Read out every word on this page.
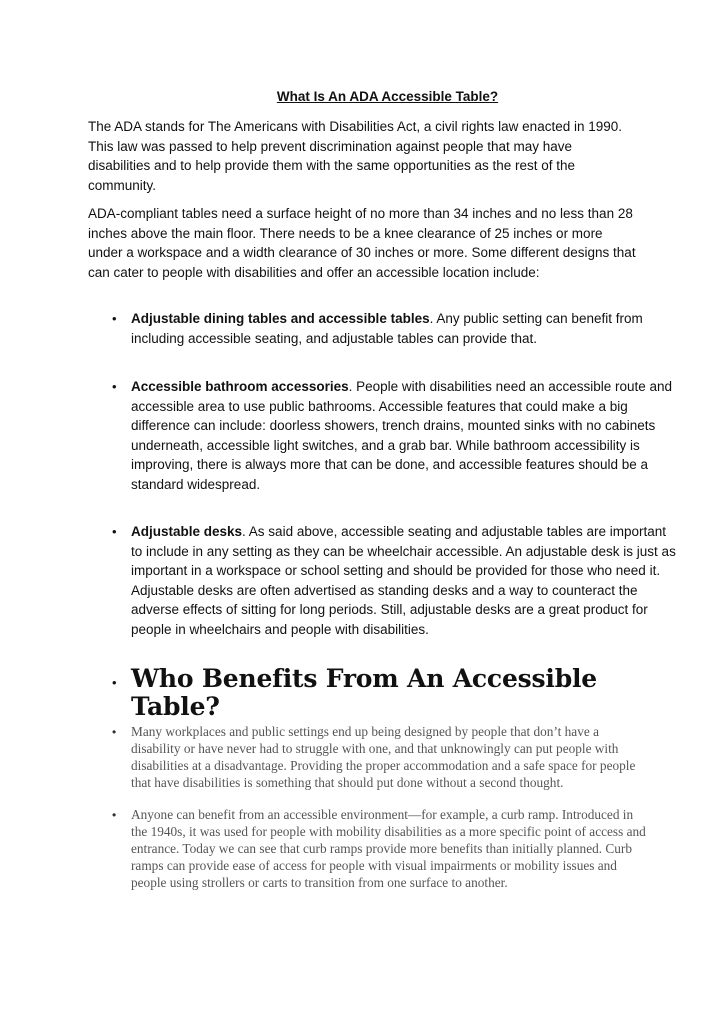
What Is An ADA Accessible Table?

The ADA stands for The Americans with Disabilities Act, a civil rights law enacted in 1990. This law was passed to help prevent discrimination against people that may have disabilities and to help provide them with the same opportunities as the rest of the community.

ADA-compliant tables need a surface height of no more than 34 inches and no less than 28 inches above the main floor. There needs to be a knee clearance of 25 inches or more under a workspace and a width clearance of 30 inches or more. Some different designs that can cater to people with disabilities and offer an accessible location include:

• Adjustable dining tables and accessible tables. Any public setting can benefit from including accessible seating, and adjustable tables can provide that.
• Accessible bathroom accessories. People with disabilities need an accessible route and accessible area to use public bathrooms. Accessible features that could make a big difference can include: doorless showers, trench drains, mounted sinks with no cabinets underneath, accessible light switches, and a grab bar. While bathroom accessibility is improving, there is always more that can be done, and accessible features should be a standard widespread.
• Adjustable desks. As said above, accessible seating and adjustable tables are important to include in any setting as they can be wheelchair accessible. An adjustable desk is just as important in a workspace or school setting and should be provided for those who need it. Adjustable desks are often advertised as standing desks and a way to counteract the adverse effects of sitting for long periods. Still, adjustable desks are a great product for people in wheelchairs and people with disabilities.
• Who Benefits From An Accessible Table?
• Many workplaces and public settings end up being designed by people that don’t have a disability or have never had to struggle with one, and that unknowingly can put people with disabilities at a disadvantage. Providing the proper accommodation and a safe space for people that have disabilities is something that should put done without a second thought.
• Anyone can benefit from an accessible environment—for example, a curb ramp. Introduced in the 1940s, it was used for people with mobility disabilities as a more specific point of access and entrance. Today we can see that curb ramps provide more benefits than initially planned. Curb ramps can provide ease of access for people with visual impairments or mobility issues and people using strollers or carts to transition from one surface to another.
